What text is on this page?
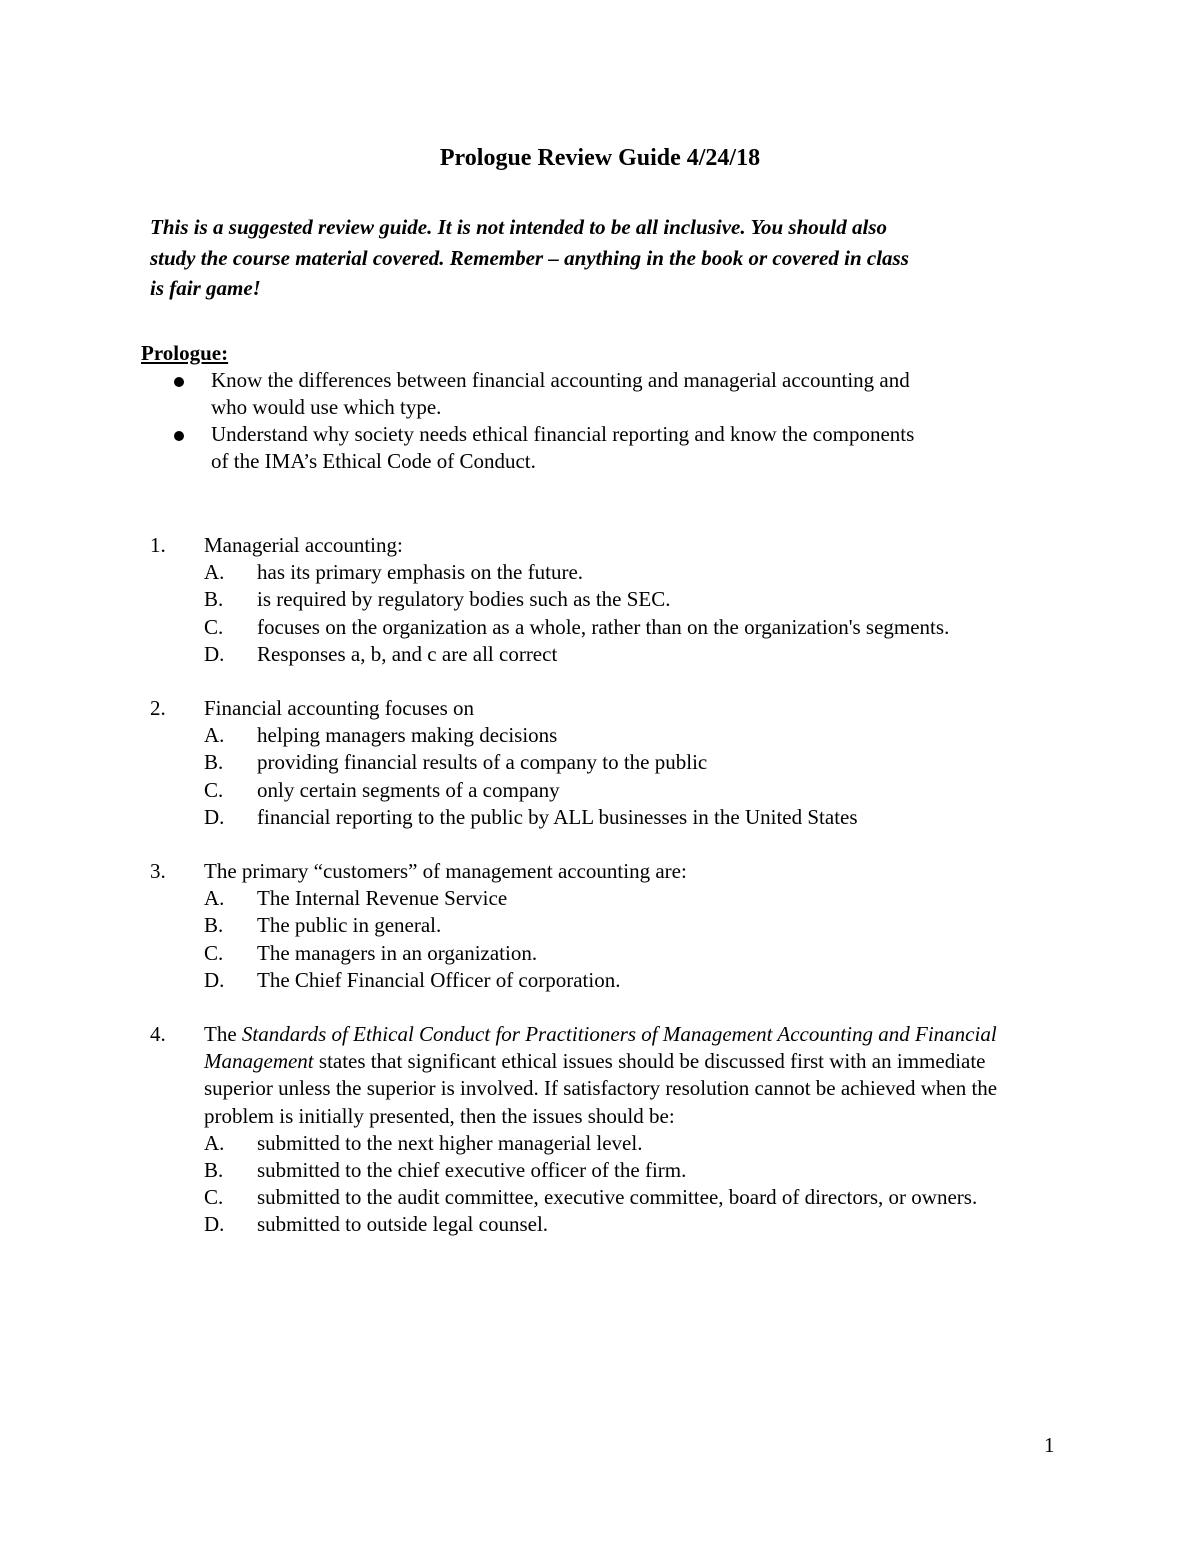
Prologue Review Guide 4/24/18

This is a suggested review guide. It is not intended to be all inclusive. You should also

study the course material covered. Remember – anything in the book or covered in class

is fair game!

Prologue:
Know the differences between financial accounting and managerial accounting and
who would use which type.
Understand why society needs ethical financial reporting and know the components
of the IMA’s Ethical Code of Conduct.
1. Managerial accounting:
A. has its primary emphasis on the future.
B. is required by regulatory bodies such as the SEC.
C. focuses on the organization as a whole, rather than on the organization's segments.
D. Responses a, b, and c are all correct
2. Financial accounting focuses on
A. helping managers making decisions
B. providing financial results of a company to the public
C. only certain segments of a company
D. financial reporting to the public by ALL businesses in the United States
3. The primary “customers” of management accounting are:
A. The Internal Revenue Service
B. The public in general.
C. The managers in an organization.
D. The Chief Financial Officer of corporation.
4. The Standards of Ethical Conduct for Practitioners of Management Accounting and Financial Management states that significant ethical issues should be discussed first with an immediate superior unless the superior is involved. If satisfactory resolution cannot be achieved when the problem is initially presented, then the issues should be:
A. submitted to the next higher managerial level.
B. submitted to the chief executive officer of the firm.
C. submitted to the audit committee, executive committee, board of directors, or owners.
D. submitted to outside legal counsel.
1
